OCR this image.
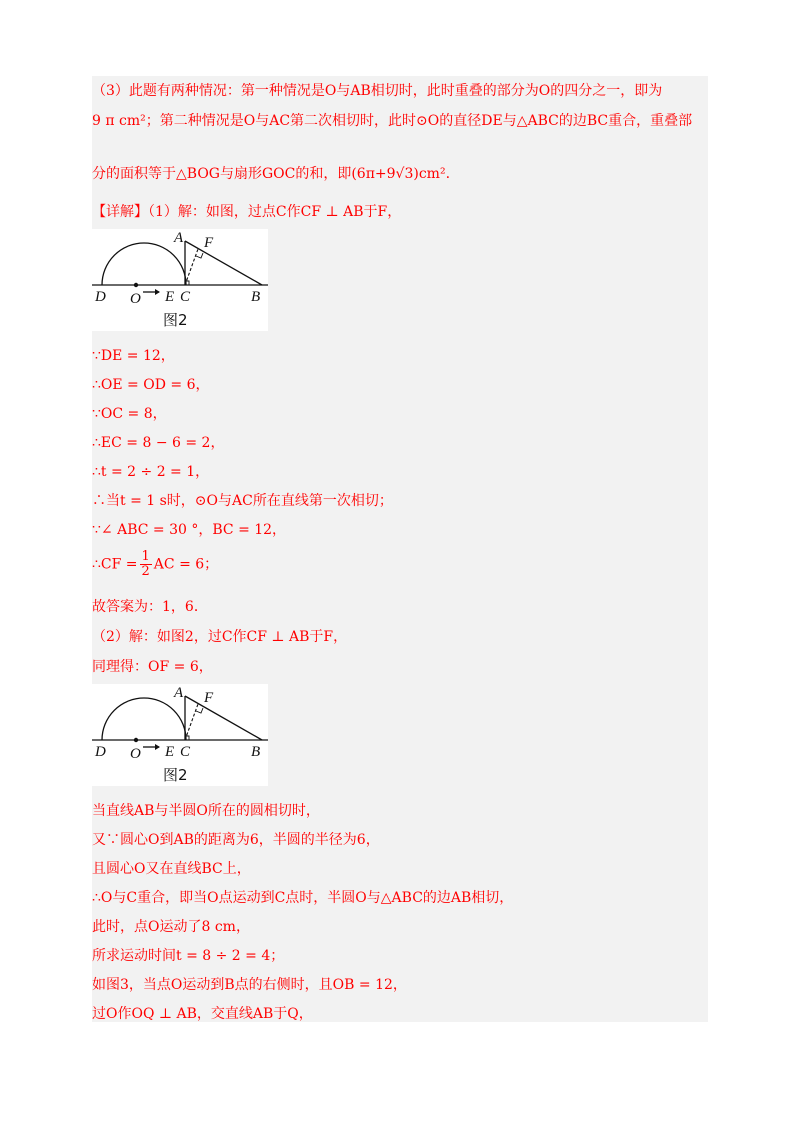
（3）此题有两种情况：第一种情况是O与AB相切时，此时重叠的部分为O的四分之一，即为
9 π cm²；第二种情况是O与AC第二次相切时，此时⊙O的直径DE与△ABC的边BC重合，重叠部
分的面积等于△BOG与扇形GOC的和，即(6π+9√3)cm².
【详解】（1）解：如图，过点C作CF ⊥ AB于F，
A F
D O E C	B
图2
∵DE = 12，
∴OE = OD = 6，
∵OC = 8，
∴EC = 8 − 6 = 2，
∴t = 2 ÷ 2 = 1，
∴当t = 1 s时，⊙O与AC所在直线第一次相切；
∵∠ ABC = 30 °，BC = 12，
∴CF = $\frac{1}{2}$ AC = 6；
故答案为：1，6．
（2）解：如图2，过C作CF ⊥ AB于F，
同理得：OF = 6，
A F
D O E C	B
图2
当直线AB与半圆O所在的圆相切时，
又∵圆心O到AB的距离为6，半圆的半径为6，
且圆心O又在直线BC上，
∴O与C重合，即当O点运动到C点时，半圆O与△ABC的边AB相切，
此时，点O运动了8 cm，
所求运动时间t = 8 ÷ 2 = 4；
如图3，当点O运动到B点的右侧时，且OB = 12，
过O作OQ ⊥ AB，交直线AB于Q，
